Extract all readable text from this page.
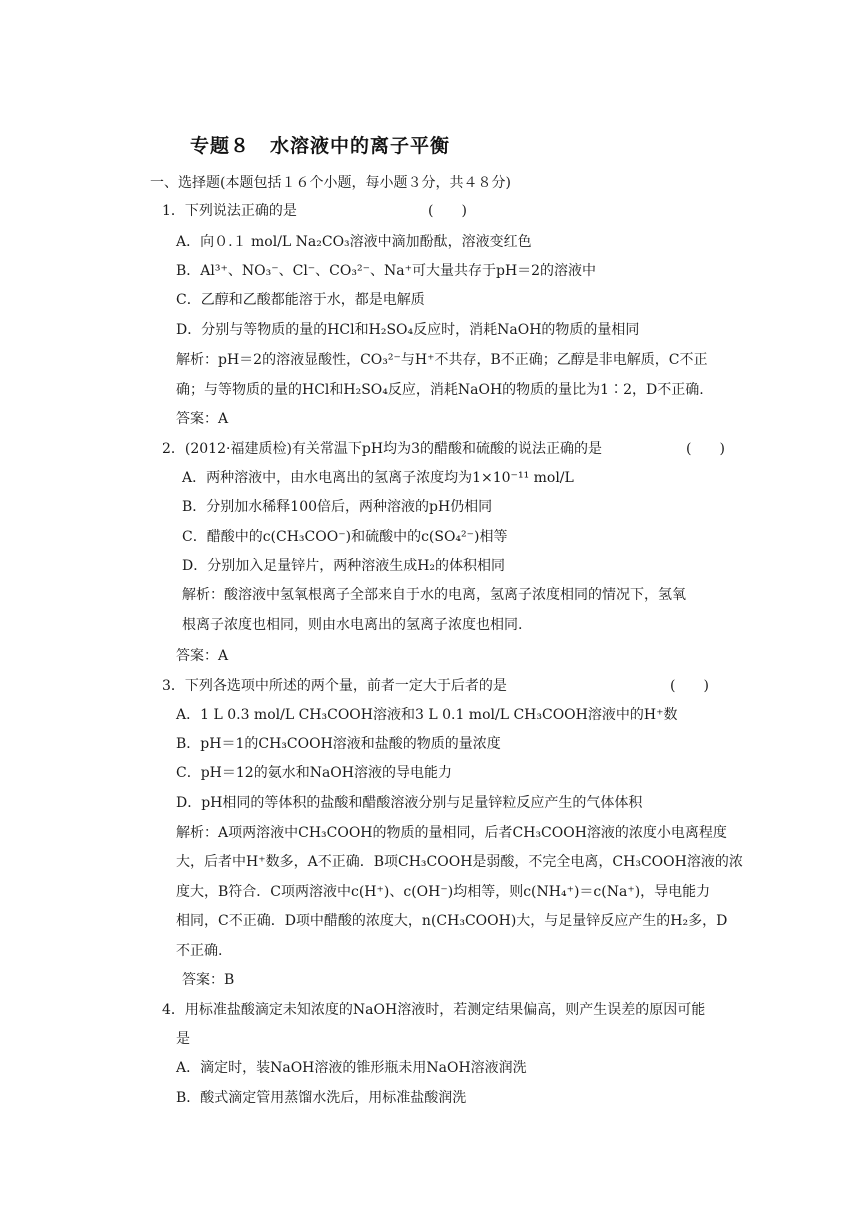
专题８　水溶液中的离子平衡
一、选择题(本题包括１６个小题，每小题３分，共４８分)
1．下列说法正确的是	(　　)
A．向０.１ mol/L Na₂CO₃溶液中滴加酚酞，溶液变红色
B．Al³⁺、NO₃⁻、Cl⁻、CO₃²⁻、Na⁺可大量共存于pH＝2的溶液中
C．乙醇和乙酸都能溶于水，都是电解质
D．分别与等物质的量的HCl和H₂SO₄反应时，消耗NaOH的物质的量相同
解析：pH＝2的溶液显酸性，CO₃²⁻与H⁺不共存，B不正确；乙醇是非电解质，C不正
确；与等物质的量的HCl和H₂SO₄反应，消耗NaOH的物质的量比为1∶2，D不正确.
答案：A
2．(2012·福建质检)有关常温下pH均为3的醋酸和硫酸的说法正确的是	(　　)
A．两种溶液中，由水电离出的氢离子浓度均为1×10⁻¹¹ mol/L
B．分别加水稀释100倍后，两种溶液的pH仍相同
C．醋酸中的c(CH₃COO⁻)和硫酸中的c(SO₄²⁻)相等
D．分别加入足量锌片，两种溶液生成H₂的体积相同
解析：酸溶液中氢氧根离子全部来自于水的电离，氢离子浓度相同的情况下，氢氧
根离子浓度也相同，则由水电离出的氢离子浓度也相同.
答案：A
3．下列各选项中所述的两个量，前者一定大于后者的是	(　　)
A．1 L 0.3 mol/L CH₃COOH溶液和3 L 0.1 mol/L CH₃COOH溶液中的H⁺数
B．pH＝1的CH₃COOH溶液和盐酸的物质的量浓度
C．pH＝12的氨水和NaOH溶液的导电能力
D．pH相同的等体积的盐酸和醋酸溶液分别与足量锌粒反应产生的气体体积
解析：A项两溶液中CH₃COOH的物质的量相同，后者CH₃COOH溶液的浓度小电离程度
大，后者中H⁺数多，A不正确．B项CH₃COOH是弱酸，不完全电离，CH₃COOH溶液的浓
度大，B符合．C项两溶液中c(H⁺)、c(OH⁻)均相等，则c(NH₄⁺)＝c(Na⁺)，导电能力
相同，C不正确．D项中醋酸的浓度大，n(CH₃COOH)大，与足量锌反应产生的H₂多，D
不正确.
答案：B
4．用标准盐酸滴定未知浓度的NaOH溶液时，若测定结果偏高，则产生误差的原因可能
是
A．滴定时，装NaOH溶液的锥形瓶未用NaOH溶液润洗
B．酸式滴定管用蒸馏水洗后，用标准盐酸润洗
